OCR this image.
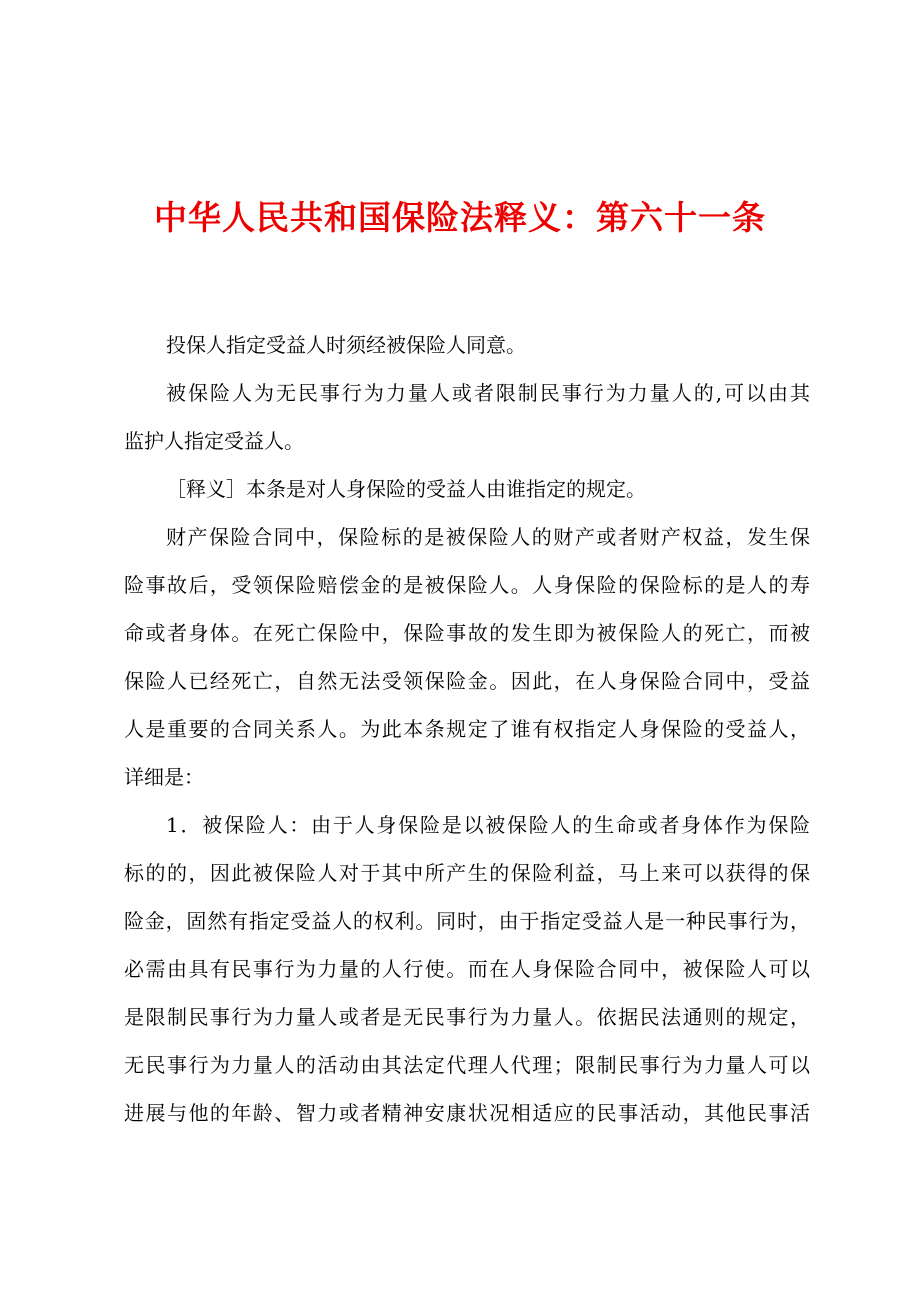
中华人民共和国保险法释义：第六十一条
投保人指定受益人时须经被保险人同意。
被保险人为无民事行为力量人或者限制民事行为力量人的,可以由其
监护人指定受益人。
［释义］本条是对人身保险的受益人由谁指定的规定。
财产保险合同中，保险标的是被保险人的财产或者财产权益，发生保
险事故后，受领保险赔偿金的是被保险人。人身保险的保险标的是人的寿
命或者身体。在死亡保险中，保险事故的发生即为被保险人的死亡，而被
保险人已经死亡，自然无法受领保险金。因此，在人身保险合同中，受益
人是重要的合同关系人。为此本条规定了谁有权指定人身保险的受益人，
详细是：
1．被保险人：由于人身保险是以被保险人的生命或者身体作为保险
标的的，因此被保险人对于其中所产生的保险利益，马上来可以获得的保
险金，固然有指定受益人的权利。同时，由于指定受益人是一种民事行为，
必需由具有民事行为力量的人行使。而在人身保险合同中，被保险人可以
是限制民事行为力量人或者是无民事行为力量人。依据民法通则的规定，
无民事行为力量人的活动由其法定代理人代理；限制民事行为力量人可以
进展与他的年龄、智力或者精神安康状况相适应的民事活动，其他民事活
